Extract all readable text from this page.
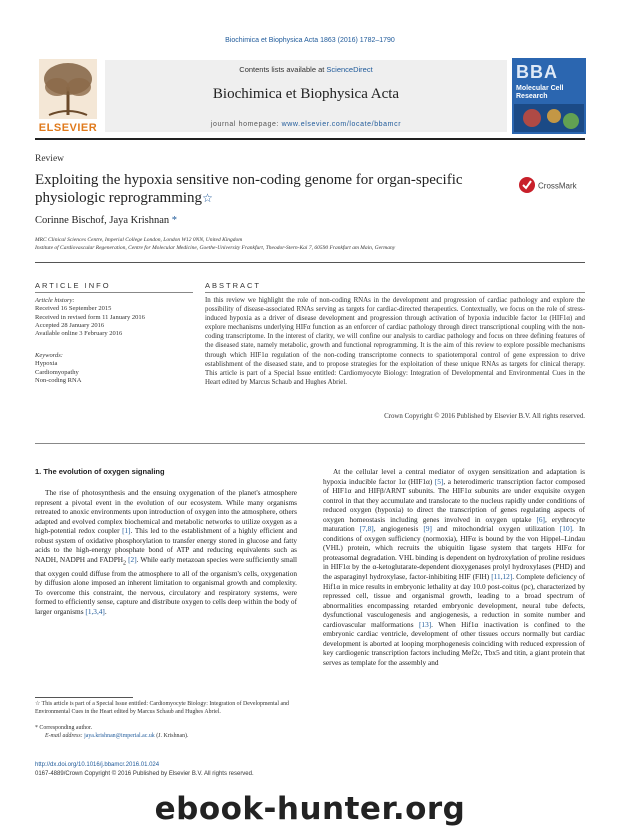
Biochimica et Biophysica Acta 1863 (2016) 1782–1790
ELSEVIER
Contents lists available at ScienceDirect
Biochimica et Biophysica Acta
journal homepage: www.elsevier.com/locate/bbamcr
BBA
Molecular Cell Research
Review
Exploiting the hypoxia sensitive non-coding genome for organ-specific
physiologic reprogramming☆
CrossMark
Corinne Bischof, Jaya Krishnan *
MRC Clinical Sciences Centre, Imperial College London, London W12 0NN, United Kingdom
Institute of Cardiovascular Regeneration, Centre for Molecular Medicine, Goethe-University Frankfurt, Theodor-Stern-Kai 7, 60590 Frankfurt am Main, Germany
ARTICLE INFO	ABSTRACT
Article history:
Received 16 September 2015
Received in revised form 11 January 2016
Accepted 28 January 2016
Available online 3 February 2016
Keywords:
Hypoxia
Cardiomyopathy
Non-coding RNA
In this review we highlight the role of non-coding RNAs in the development and progression of cardiac pathology and explore the possibility of disease-associated RNAs serving as targets for cardiac-directed therapeutics. Contextually, we focus on the role of stress-induced hypoxia as a driver of disease development and progression through activation of hypoxia inducible factor 1α (HIF1α) and explore mechanisms underlying HIFα function as an enforcer of cardiac pathology through direct transcriptional coupling with the non-coding transcriptome. In the interest of clarity, we will confine our analysis to cardiac pathology and focus on three defining features of the diseased state, namely metabolic, growth and functional reprogramming. It is the aim of this review to explore possible mechanisms through which HIF1α regulation of the non-coding transcriptome connects to spatiotemporal control of gene expression to drive establishment of the diseased state, and to propose strategies for the exploitation of these unique RNAs as targets for clinical therapy. This article is part of a Special Issue entitled: Cardiomyocyte Biology: Integration of Developmental and Environmental Cues in the Heart edited by Marcus Schaub and Hughes Abriel.
Crown Copyright © 2016 Published by Elsevier B.V. All rights reserved.
1. The evolution of oxygen signaling
The rise of photosynthesis and the ensuing oxygenation of the planet's atmosphere represent a pivotal event in the evolution of our ecosystem. While many organisms retreated to anoxic environments upon introduction of oxygen into the atmosphere, others adapted and evolved complex biochemical and metabolic networks to utilize oxygen as a high-potential redox coupler [1]. This led to the establishment of a highly efficient and robust system of oxidative phosphorylation to transfer energy stored in glucose and fatty acids to the high-energy phosphate bond of ATP and reducing equivalents such as NADH, NADPH and $FADPH_2$ [2]. While early metazoan species were sufficiently small that oxygen could diffuse from the atmosphere to all of the organism's cells, oxygenation by diffusion alone imposed an inherent limitation to organismal growth and complexity. To overcome this constraint, the nervous, circulatory and respiratory systems, were formed to efficiently sense, capture and distribute oxygen to cells deep within the body of larger organisms [1,3,4].
At the cellular level a central mediator of oxygen sensitization and adaptation is hypoxia inducible factor 1α (HIF1α) [5], a heterodimeric transcription factor composed of HIF1α and HIFβ/ARNT subunits. The HIF1α subunits are under exquisite oxygen control in that they accumulate and translocate to the nucleus rapidly under conditions of reduced oxygen (hypoxia) to direct the transcription of genes regulating aspects of oxygen homeostasis including genes involved in oxygen uptake [6], erythrocyte maturation [7,8], angiogenesis [9] and mitochondrial oxygen utilization [10]. In conditions of oxygen sufficiency (normoxia), HIFα is bound by the von Hippel–Lindau (VHL) protein, which recruits the ubiquitin ligase system that targets HIFα for proteasomal degradation. VHL binding is dependent on hydroxylation of proline residues in HIF1α by the α-ketoglutarate-dependent dioxygenases prolyl hydroxylases (PHD) and the asparaginyl hydroxylase, factor-inhibiting HIF (FIH) [11,12]. Complete deficiency of Hif1α in mice results in embryonic lethality at day 10.0 post-coitus (pc), characterized by repressed cell, tissue and organismal growth, leading to a broad spectrum of abnormalities encompassing retarded embryonic development, neural tube defects, dysfunctional vasculogenesis and angiogenesis, a reduction in somite number and cardiovascular malformations [13]. When Hif1α inactivation is confined to the embryonic cardiac ventricle, development of other tissues occurs normally but cardiac development is aborted at looping morphogenesis coinciding with reduced expression of key cardiogenic transcription factors including Mef2c, Tbx5 and titin, a giant protein that serves as template for the assembly and
☆ This article is part of a Special Issue entitled: Cardiomyocyte Biology: Integration of Developmental and Environmental Cues in the Heart edited by Marcus Schaub and Hughes Abriel.
* Corresponding author.
E-mail address: jaya.krishnan@imperial.ac.uk (J. Krishnan).
http://dx.doi.org/10.1016/j.bbamcr.2016.01.024
0167-4889/Crown Copyright © 2016 Published by Elsevier B.V. All rights reserved.
ebook-hunter.org
